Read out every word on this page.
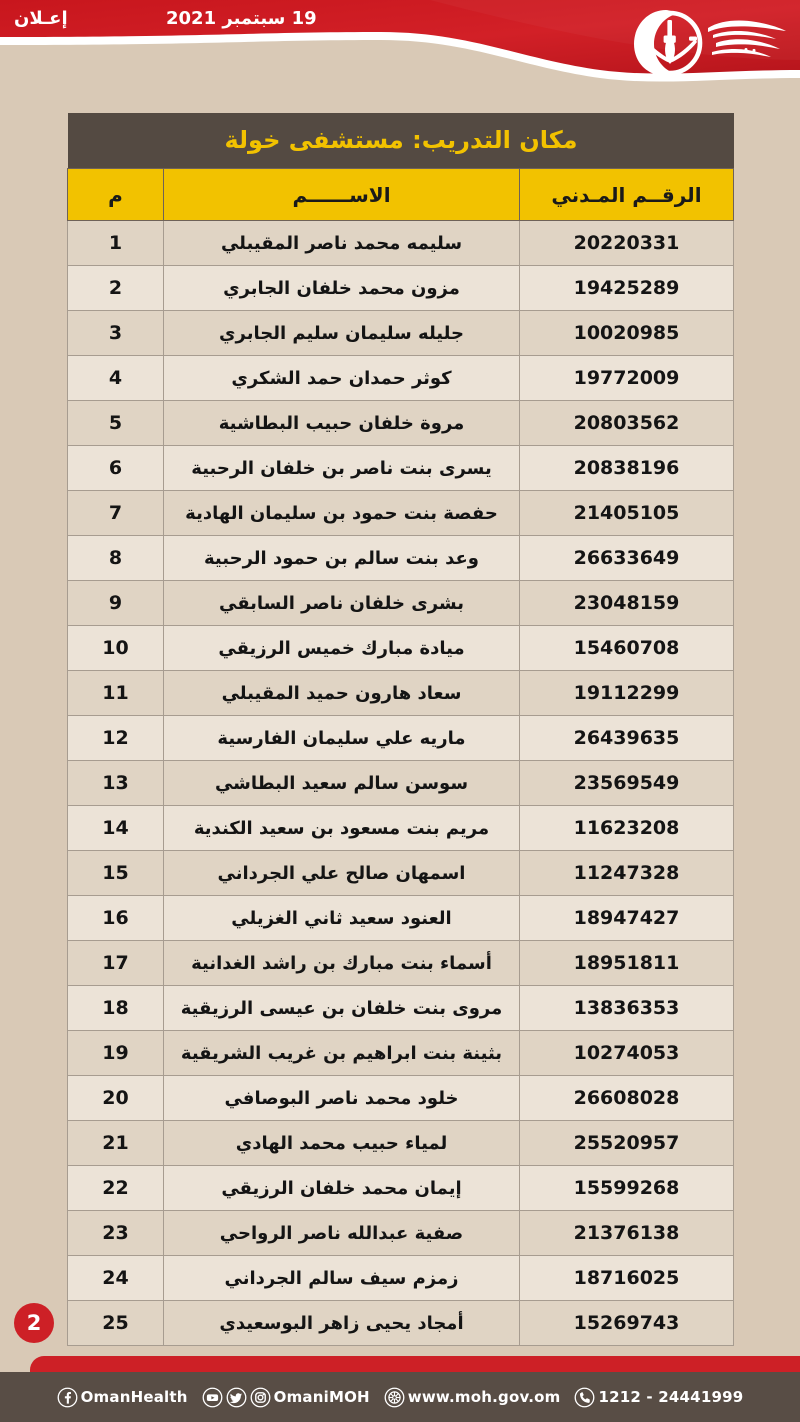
إعـلان	19 سبتمبر 2021
مكان التدريب: مستشفى خولة
الرقــم المـدني	الاســــــم	م
20220331	سليمه محمد ناصر المقيبلي	1
19425289	مزون محمد خلفان الجابري	2
10020985	جليله سليمان سليم الجابري	3
19772009	كوثر حمدان حمد الشكري	4
20803562	مروة خلفان حبيب البطاشية	5
20838196	يسرى بنت ناصر بن خلفان الرحبية	6
21405105	حفصة بنت حمود بن سليمان الهادية	7
26633649	وعد بنت سالم بن حمود الرحبية	8
23048159	بشرى خلفان ناصر السابقي	9
15460708	ميادة مبارك خميس الرزيقي	10
19112299	سعاد هارون حميد المقيبلي	11
26439635	ماريه علي سليمان الفارسية	12
23569549	سوسن سالم سعيد البطاشي	13
11623208	مريم بنت مسعود بن سعيد الكندية	14
11247328	اسمهان صالح علي الجرداني	15
18947427	العنود سعيد ثاني الغزيلي	16
18951811	أسماء بنت مبارك بن راشد الغدانية	17
13836353	مروى بنت خلفان بن عيسى الرزيقية	18
10274053	بثينة بنت ابراهيم بن غريب الشريقية	19
26608028	خلود محمد ناصر البوصافي	20
25520957	لمياء حبيب محمد الهادي	21
15599268	إيمان محمد خلفان الرزيقي	22
21376138	صفية عبدالله ناصر الرواحي	23
18716025	زمزم سيف سالم الجرداني	24
15269743	أمجاد يحيى زاهر البوسعيدي	25
2
OmanHealth	OmaniMOH	www.moh.gov.om	1212 - 24441999
